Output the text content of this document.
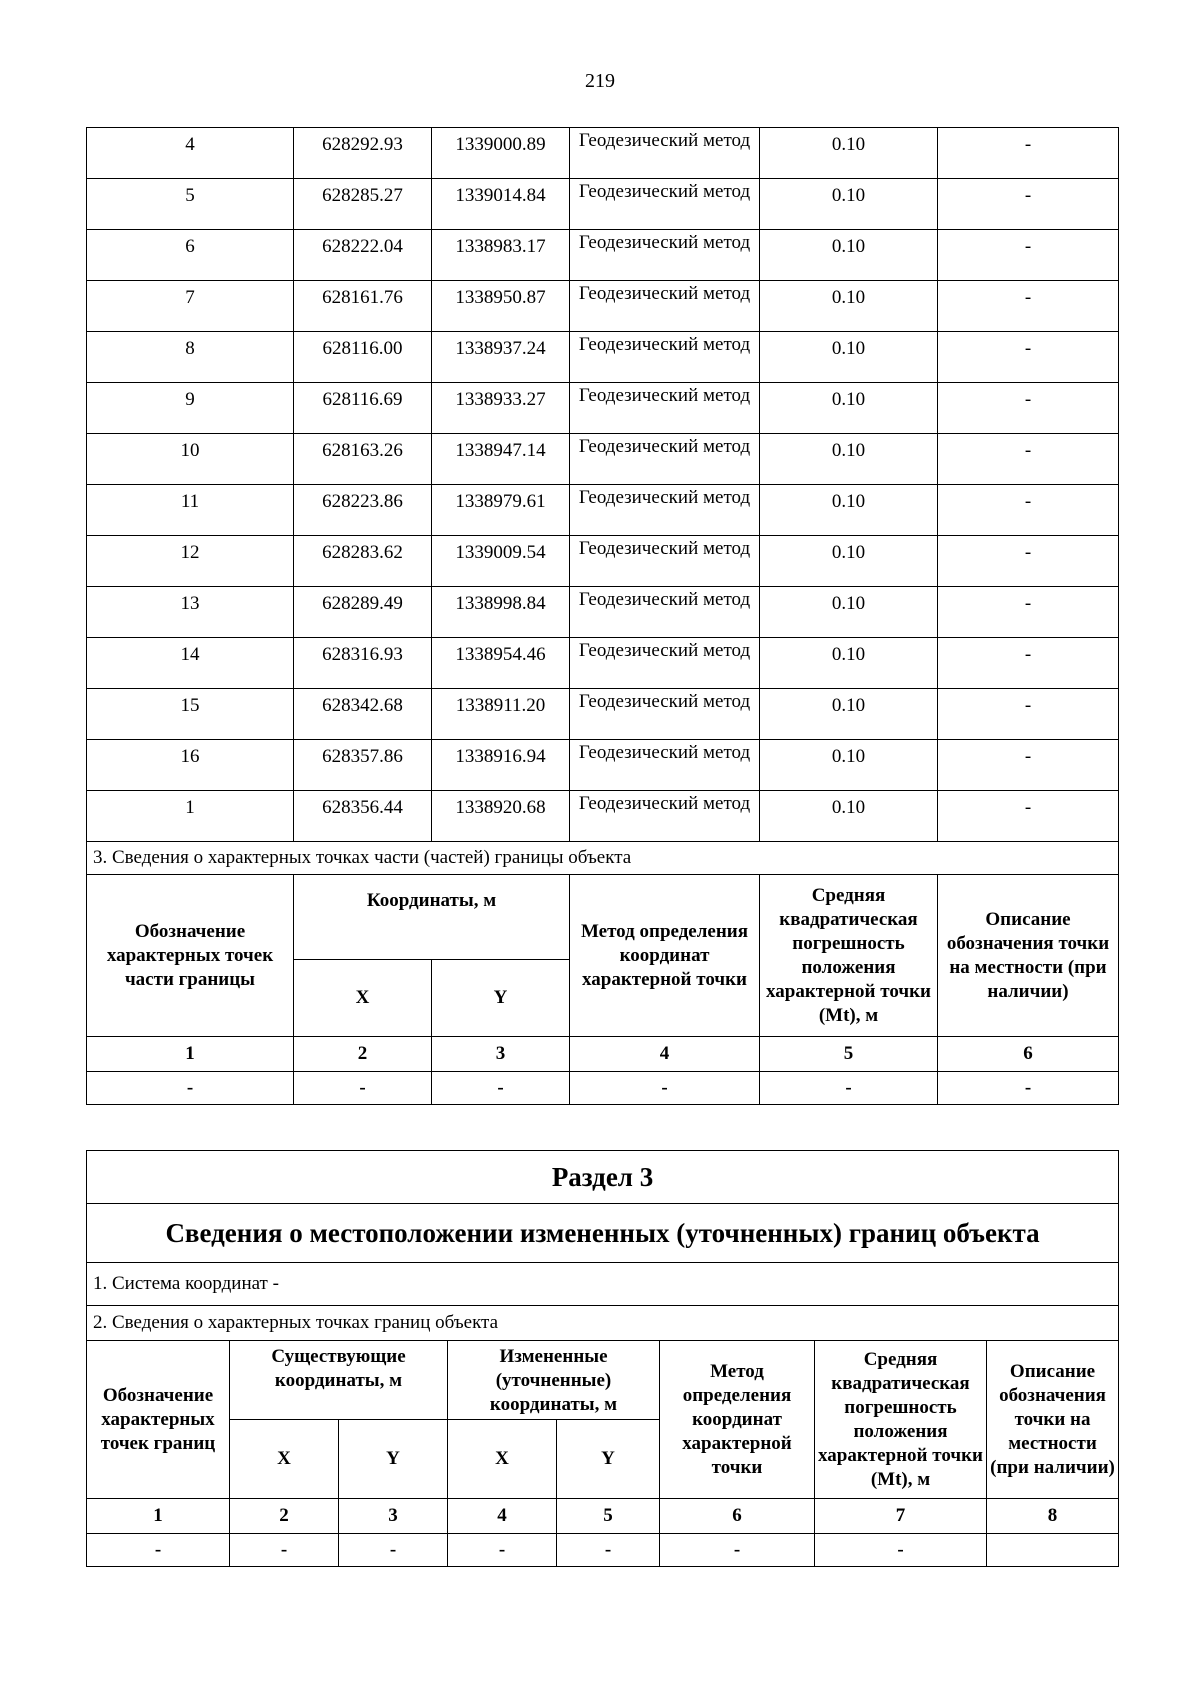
219
4	628292.93	1339000.89	Геодезический метод	0.10	-

5	628285.27	1339014.84	Геодезический метод	0.10	-

6	628222.04	1338983.17	Геодезический метод	0.10	-

7	628161.76	1338950.87	Геодезический метод	0.10	-

8	628116.00	1338937.24	Геодезический метод	0.10	-

9	628116.69	1338933.27	Геодезический метод	0.10	-

10	628163.26	1338947.14	Геодезический метод	0.10	-

11	628223.86	1338979.61	Геодезический метод	0.10	-

12	628283.62	1339009.54	Геодезический метод	0.10	-

13	628289.49	1338998.84	Геодезический метод	0.10	-

14	628316.93	1338954.46	Геодезический метод	0.10	-

15	628342.68	1338911.20	Геодезический метод	0.10	-

16	628357.86	1338916.94	Геодезический метод	0.10	-

1	628356.44	1338920.68	Геодезический метод	0.10	-

3. Сведения о характерных точках части (частей) границы объекта					
Обозначение характерных точек части границы	Координаты, м		Метод определения координат характерной точки	Средняя квадратическая погрешность положения характерной точки (Mt), м	Описание обозначения точки на местности (при наличии)
	X	Y			
1	2	3	4	5	6
-	-	-	-	-	-
Раздел 3							
Сведения о местоположении измененных (уточненных) границ объекта							
1. Система координат -							
2. Сведения о характерных точках границ объекта							
Обозначение характерных точек границ	Существующие координаты, м		Измененные (уточненные) координаты, м		Метод определения координат характерной точки	Средняя квадратическая погрешность положения характерной точки (Mt), м	Описание обозначения точки на местности (при наличии)
	X	Y	X	Y			
1	2	3	4	5	6	7	8
-	-	-	-	-	-	-	
